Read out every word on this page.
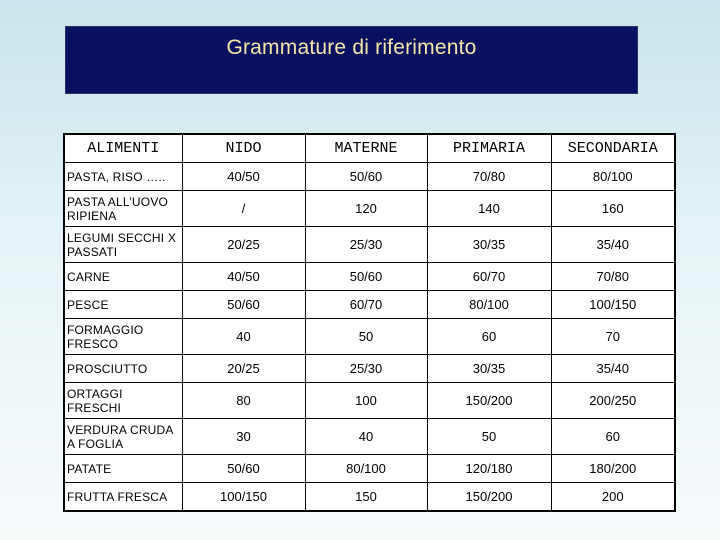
Grammature di riferimento
ALIMENTI	NIDO	MATERNE	PRIMARIA	SECONDARIA
PASTA, RISO …..	40/50	50/60	70/80	80/100
PASTA ALL’UOVO RIPIENA	/	120	140	160
LEGUMI SECCHI X PASSATI	20/25	25/30	30/35	35/40
CARNE	40/50	50/60	60/70	70/80
PESCE	50/60	60/70	80/100	100/150
FORMAGGIO FRESCO	40	50	60	70
PROSCIUTTO	20/25	25/30	30/35	35/40
ORTAGGI FRESCHI	80	100	150/200	200/250
VERDURA CRUDA A FOGLIA	30	40	50	60
PATATE	50/60	80/100	120/180	180/200
FRUTTA FRESCA	100/150	150	150/200	200
